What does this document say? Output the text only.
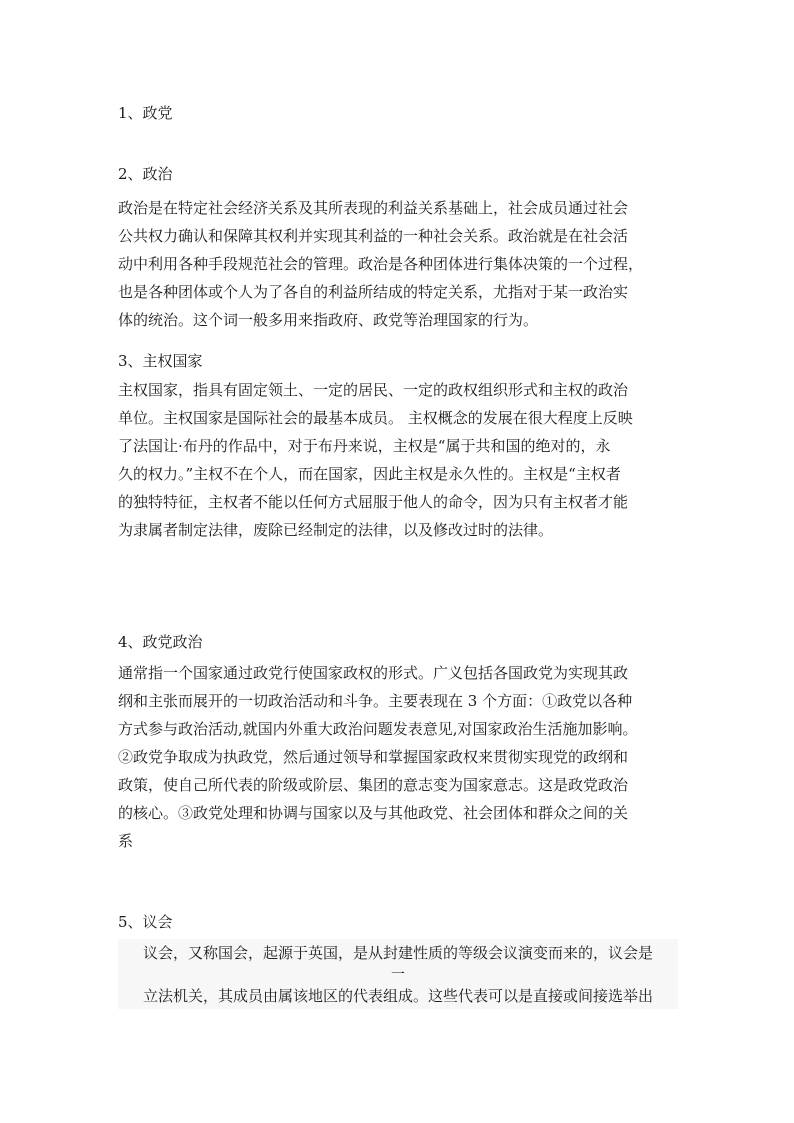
1、政党
2、政治
政治是在特定社会经济关系及其所表现的利益关系基础上，社会成员通过社会
公共权力确认和保障其权利并实现其利益的一种社会关系。政治就是在社会活
动中利用各种手段规范社会的管理。政治是各种团体进行集体决策的一个过程，
也是各种团体或个人为了各自的利益所结成的特定关系，尤指对于某一政治实
体的统治。这个词一般多用来指政府、政党等治理国家的行为。
3、主权国家
主权国家，指具有固定领土、一定的居民、一定的政权组织形式和主权的政治
单位。主权国家是国际社会的最基本成员。 主权概念的发展在很大程度上反映
了法国让·布丹的作品中，对于布丹来说，主权是“属于共和国的绝对的，永
久的权力。”主权不在个人，而在国家，因此主权是永久性的。主权是“主权者
的独特特征，主权者不能以任何方式屈服于他人的命令，因为只有主权者才能
为隶属者制定法律，废除已经制定的法律，以及修改过时的法律。
4、政党政治
通常指一个国家通过政党行使国家政权的形式。广义包括各国政党为实现其政
纲和主张而展开的一切政治活动和斗争。主要表现在 3 个方面：①政党以各种
方式参与政治活动,就国内外重大政治问题发表意见,对国家政治生活施加影响。
②政党争取成为执政党，然后通过领导和掌握国家政权来贯彻实现党的政纲和
政策，使自己所代表的阶级或阶层、集团的意志变为国家意志。这是政党政治
的核心。③政党处理和协调与国家以及与其他政党、社会团体和群众之间的关
系
5、议会
议会，又称国会，起源于英国，是从封建性质的等级会议演变而来的，议会是
一
立法机关，其成员由属该地区的代表组成。这些代表可以是直接或间接选举出
